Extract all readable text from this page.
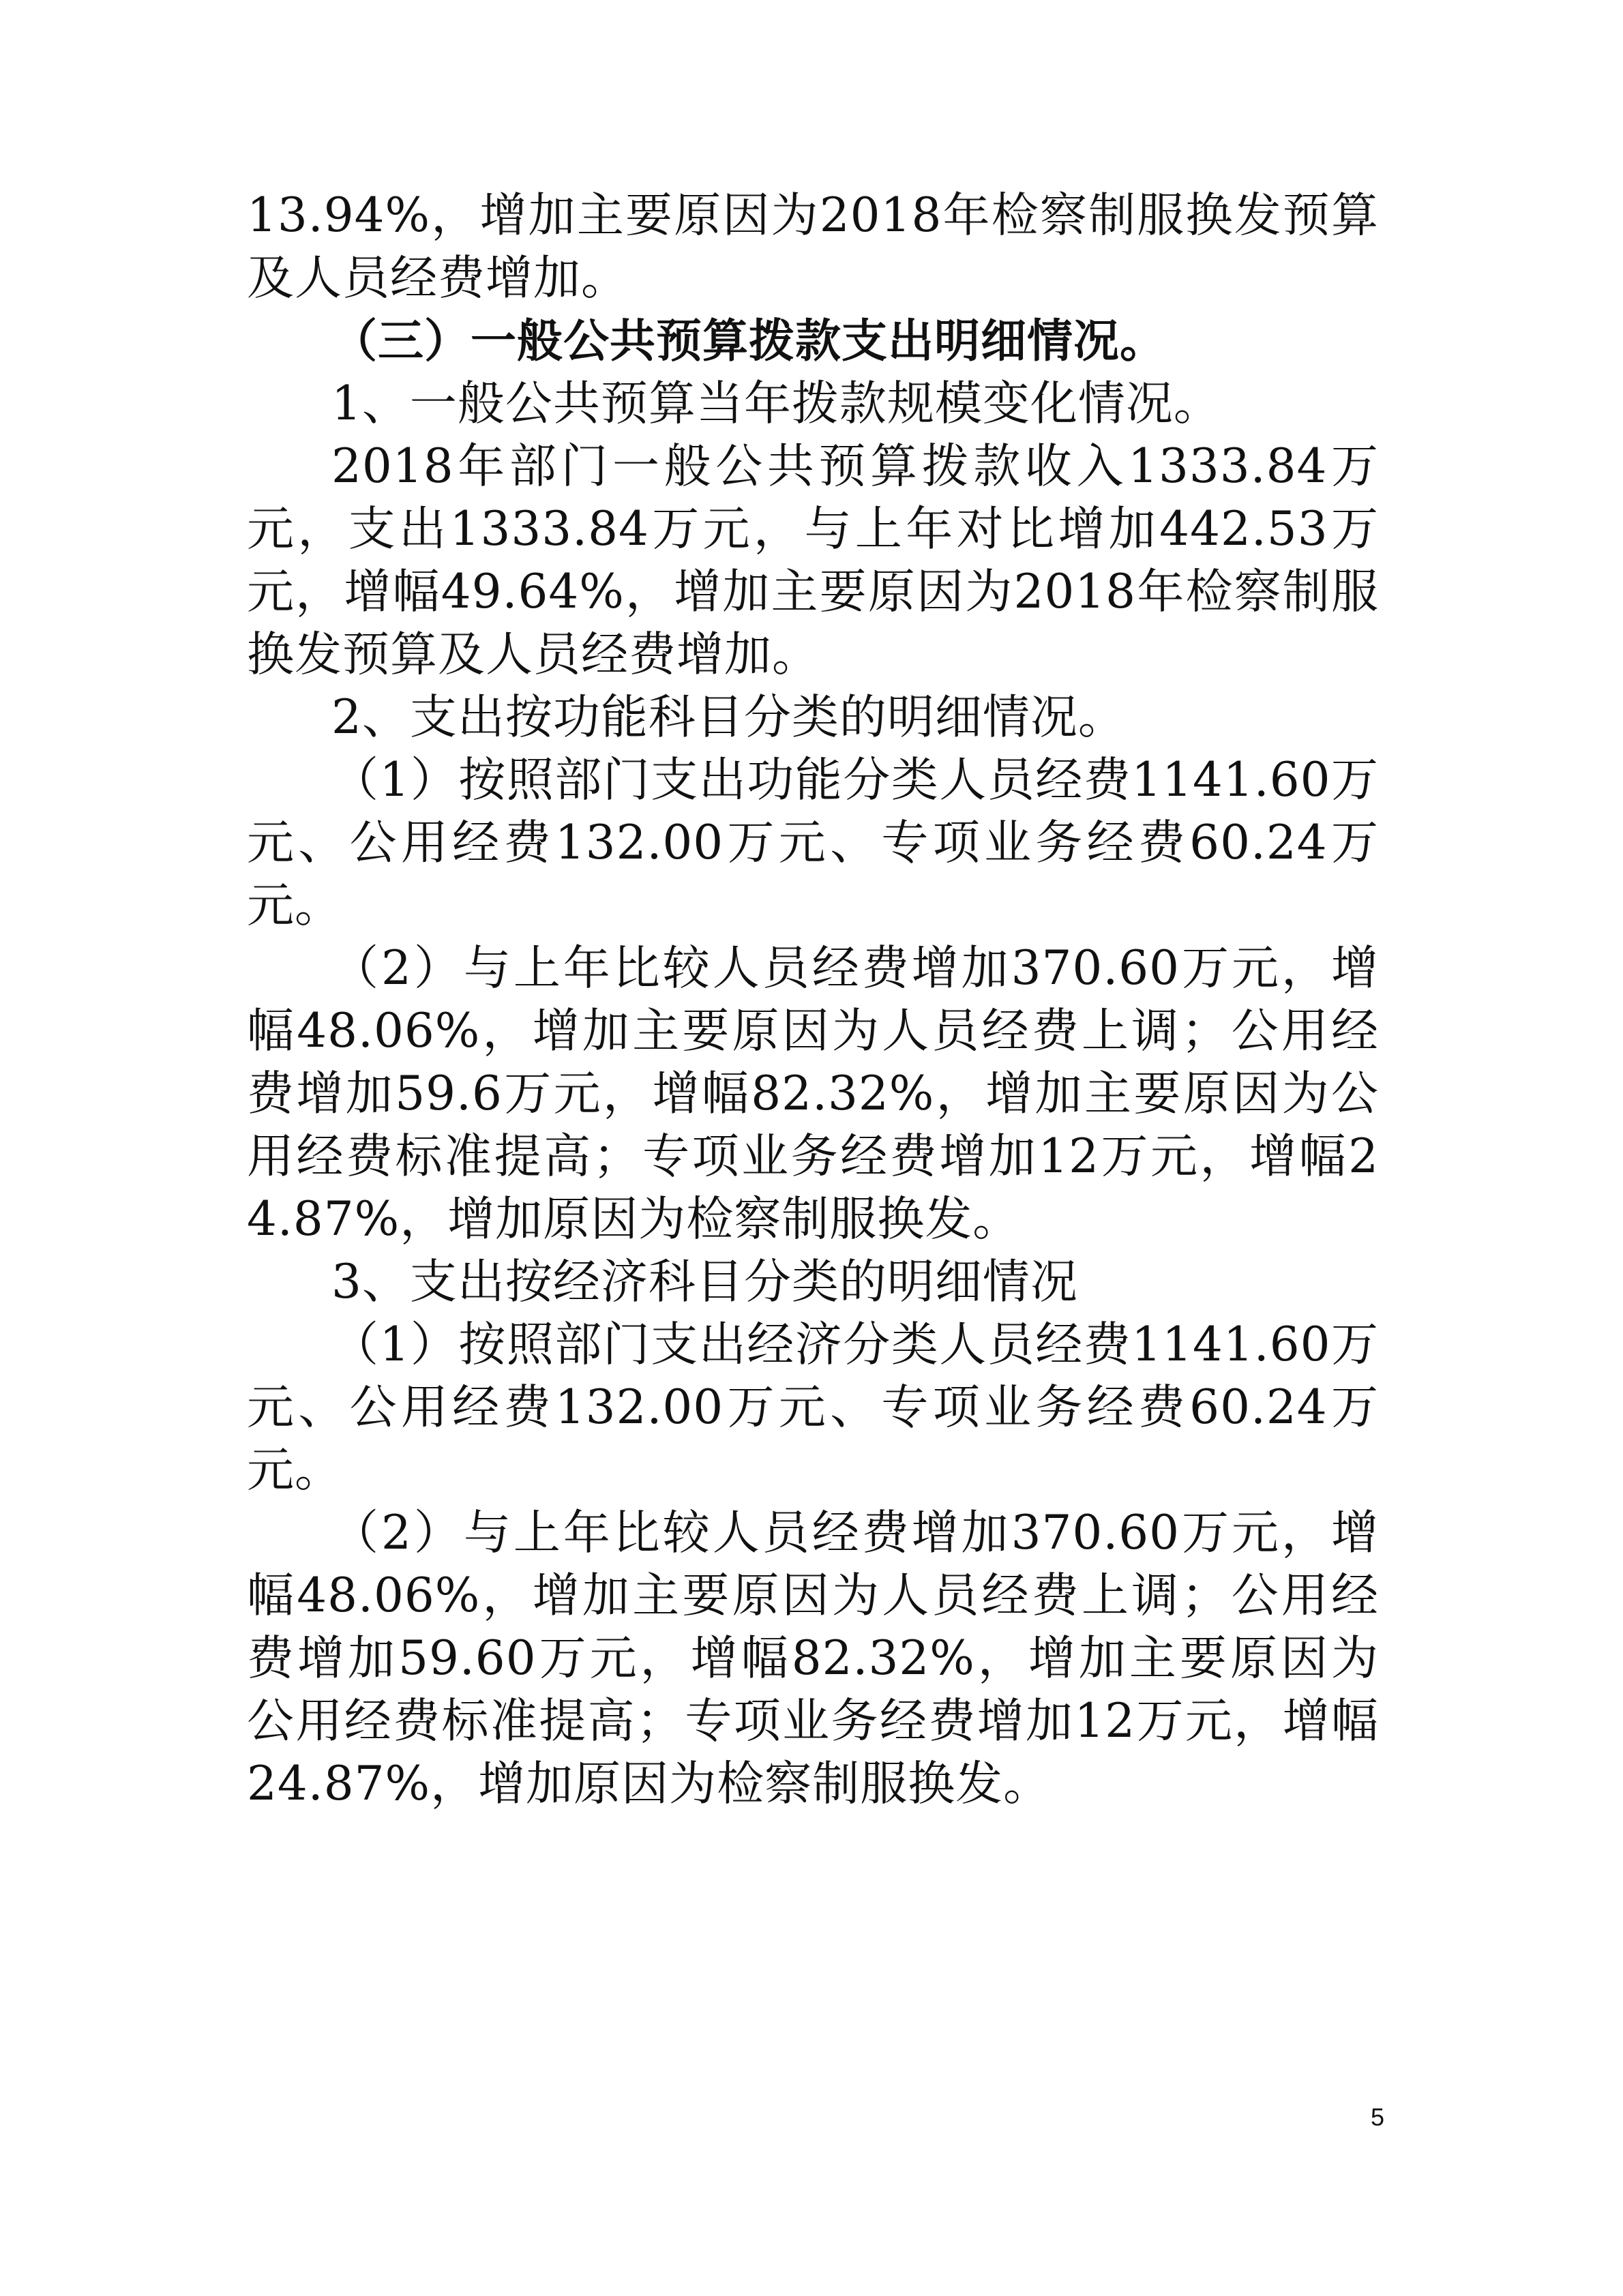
13.94%，增加主要原因为2018年检察制服换发预算及人员经费增加。

（三）一般公共预算拨款支出明细情况。

1、一般公共预算当年拨款规模变化情况。

2018年部门一般公共预算拨款收入1333.84万元，支出1333.84万元，与上年对比增加442.53万元，增幅49.64%，增加主要原因为2018年检察制服换发预算及人员经费增加。

2、支出按功能科目分类的明细情况。

（1）按照部门支出功能分类人员经费1141.60万元、公用经费132.00万元、专项业务经费60.24万元。

（2）与上年比较人员经费增加370.60万元，增幅48.06%，增加主要原因为人员经费上调；公用经费增加59.6万元，增幅82.32%，增加主要原因为公用经费标准提高；专项业务经费增加12万元，增幅24.87%，增加原因为检察制服换发。

3、支出按经济科目分类的明细情况

（1）按照部门支出经济分类人员经费1141.60万元、公用经费132.00万元、专项业务经费60.24万元。

（2）与上年比较人员经费增加370.60万元，增幅48.06%，增加主要原因为人员经费上调；公用经费增加59.60万元，增幅82.32%，增加主要原因为公用经费标准提高；专项业务经费增加12万元，增幅24.87%，增加原因为检察制服换发。

5
